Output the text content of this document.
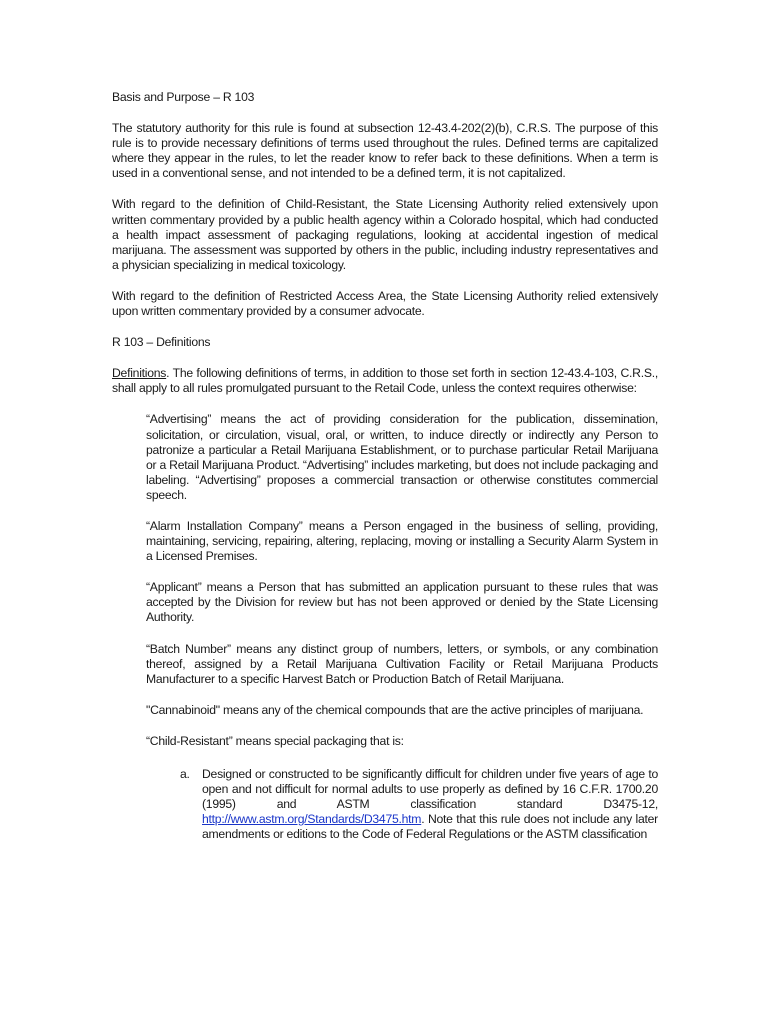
Basis and Purpose – R 103

The statutory authority for this rule is found at subsection 12-43.4-202(2)(b), C.R.S. The purpose of this rule is to provide necessary definitions of terms used throughout the rules. Defined terms are capitalized where they appear in the rules, to let the reader know to refer back to these definitions. When a term is used in a conventional sense, and not intended to be a defined term, it is not capitalized.

With regard to the definition of Child-Resistant, the State Licensing Authority relied extensively upon written commentary provided by a public health agency within a Colorado hospital, which had conducted a health impact assessment of packaging regulations, looking at accidental ingestion of medical marijuana. The assessment was supported by others in the public, including industry representatives and a physician specializing in medical toxicology.

With regard to the definition of Restricted Access Area, the State Licensing Authority relied extensively upon written commentary provided by a consumer advocate.

R 103 – Definitions

Definitions. The following definitions of terms, in addition to those set forth in section 12-43.4-103, C.R.S., shall apply to all rules promulgated pursuant to the Retail Code, unless the context requires otherwise:

“Advertising” means the act of providing consideration for the publication, dissemination, solicitation, or circulation, visual, oral, or written, to induce directly or indirectly any Person to patronize a particular a Retail Marijuana Establishment, or to purchase particular Retail Marijuana or a Retail Marijuana Product. “Advertising” includes marketing, but does not include packaging and labeling. “Advertising” proposes a commercial transaction or otherwise constitutes commercial speech.

“Alarm Installation Company” means a Person engaged in the business of selling, providing, maintaining, servicing, repairing, altering, replacing, moving or installing a Security Alarm System in a Licensed Premises.

“Applicant” means a Person that has submitted an application pursuant to these rules that was accepted by the Division for review but has not been approved or denied by the State Licensing Authority.

“Batch Number” means any distinct group of numbers, letters, or symbols, or any combination thereof, assigned by a Retail Marijuana Cultivation Facility or Retail Marijuana Products Manufacturer to a specific Harvest Batch or Production Batch of Retail Marijuana.

"Cannabinoid" means any of the chemical compounds that are the active principles of marijuana.

“Child-Resistant” means special packaging that is:

a.	Designed or constructed to be significantly difficult for children under five years of age to open and not difficult for normal adults to use properly as defined by 16 C.F.R. 1700.20 (1995) and ASTM classification standard D3475-12, http://www.astm.org/Standards/D3475.htm. Note that this rule does not include any later amendments or editions to the Code of Federal Regulations or the ASTM classification
